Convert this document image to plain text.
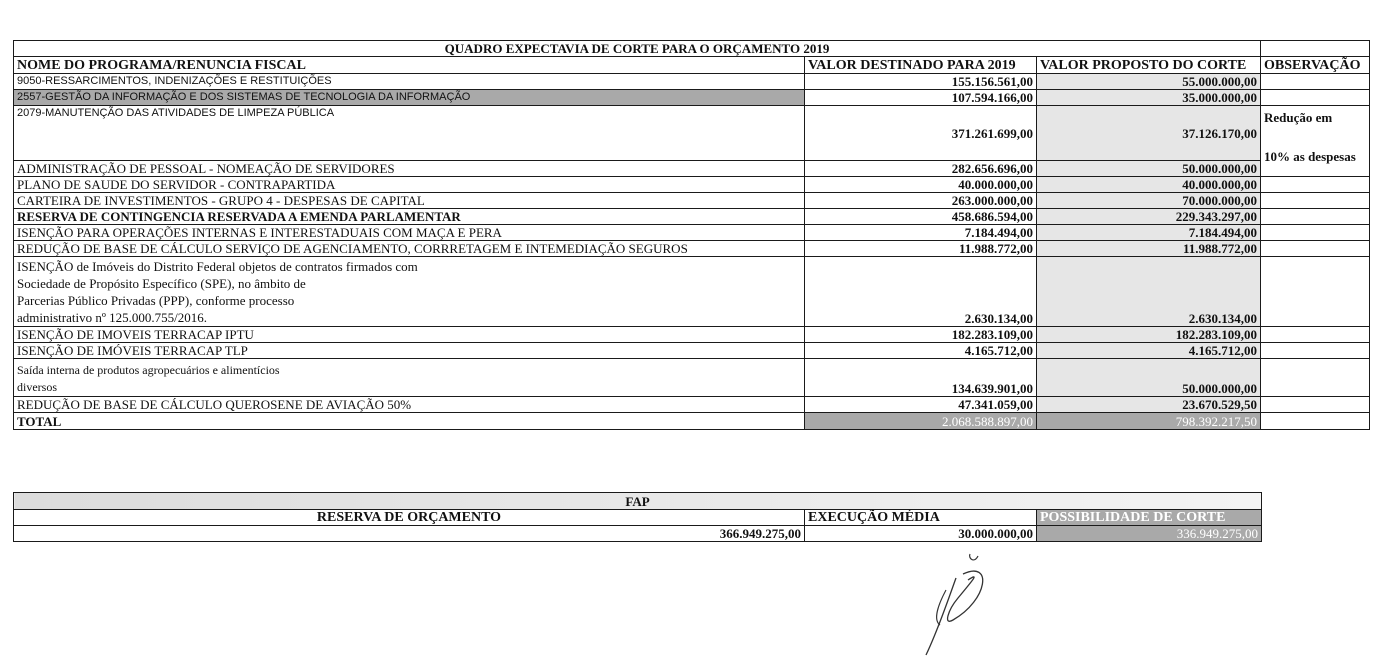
QUADRO EXPECTAVIA DE CORTE PARA O ORÇAMENTO 2019			
NOME DO PROGRAMA/RENUNCIA FISCAL	VALOR DESTINADO PARA 2019	VALOR PROPOSTO DO CORTE	OBSERVAÇÃO
9050-RESSARCIMENTOS, INDENIZAÇÕES E RESTITUIÇÕES	155.156.561,00	55.000.000,00	
2557-GESTÃO DA INFORMAÇÃO E DOS SISTEMAS DE TECNOLOGIA DA INFORMAÇÃO	107.594.166,00	35.000.000,00	
2079-MANUTENÇÃO DAS ATIVIDADES DE LIMPEZA PÚBLICA	371.261.699,00	37.126.170,00	Redução em
10% as despesas

ADMINISTRAÇÃO DE PESSOAL - NOMEAÇÃO DE SERVIDORES	282.656.696,00	50.000.000,00	
PLANO DE SAUDE DO SERVIDOR - CONTRAPARTIDA	40.000.000,00	40.000.000,00	
CARTEIRA DE INVESTIMENTOS - GRUPO 4 - DESPESAS DE CAPITAL	263.000.000,00	70.000.000,00	
RESERVA DE CONTINGENCIA RESERVADA A EMENDA PARLAMENTAR	458.686.594,00	229.343.297,00	
ISENÇÃO PARA OPERAÇÕES INTERNAS E INTERESTADUAIS COM MAÇA E PERA	7.184.494,00	7.184.494,00	
REDUÇÃO DE BASE DE CÁLCULO SERVIÇO DE AGENCIAMENTO, CORRRETAGEM E INTEMEDIAÇÃO SEGUROS	11.988.772,00	11.988.772,00	

ISENÇÃO de Imóveis do Distrito Federal objetos de contratos firmados com
Sociedade de Propósito Específico (SPE), no âmbito de
Parcerias Público Privadas (PPP), conforme processo
administrativo nº 125.000.755/2016.	2.630.134,00	2.630.134,00	
ISENÇÃO DE IMOVEIS TERRACAP IPTU	182.283.109,00	182.283.109,00	
ISENÇÃO DE IMÓVEIS TERRACAP TLP	4.165.712,00	4.165.712,00	

Saída interna de produtos agropecuários e alimentícios
diversos	134.639.901,00	50.000.000,00	
REDUÇÃO DE BASE DE CÁLCULO QUEROSENE DE AVIAÇÃO 50%	47.341.059,00	23.670.529,50	
TOTAL	2.068.588.897,00	798.392.217,50	
FAP		
RESERVA DE ORÇAMENTO	EXECUÇÃO MÉDIA	POSSIBILIDADE DE CORTE
366.949.275,00	30.000.000,00	336.949.275,00
